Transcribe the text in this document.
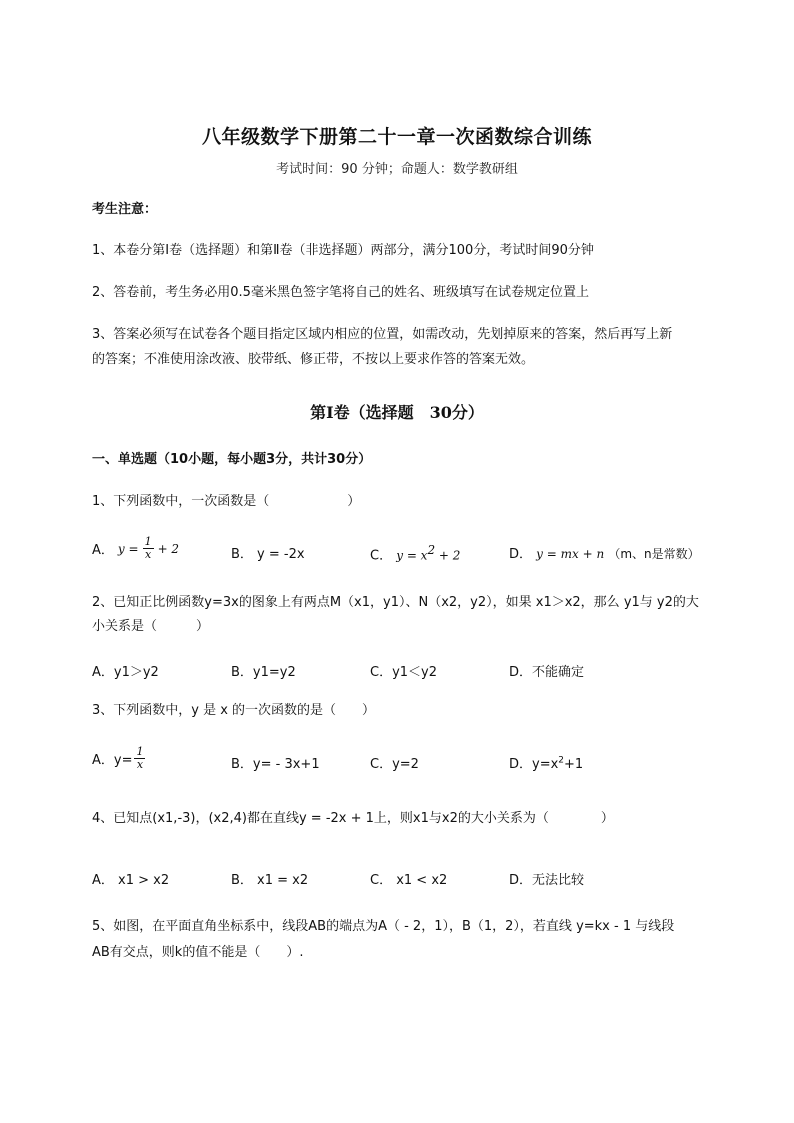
八年级数学下册第二十一章一次函数综合训练
考试时间：90 分钟；命题人：数学教研组
考生注意：
1、本卷分第Ⅰ卷（选择题）和第Ⅱ卷（非选择题）两部分，满分100分，考试时间90分钟
2、答卷前，考生务必用0.5毫米黑色签字笔将自己的姓名、班级填写在试卷规定位置上
3、答案必须写在试卷各个题目指定区域内相应的位置，如需改动，先划掉原来的答案，然后再写上新
的答案；不准使用涂改液、胶带纸、修正带，不按以上要求作答的答案无效。
第Ⅰ卷（选择题　30分）
一、单选题（10小题，每小题3分，共计30分）
1、下列函数中，一次函数是（　　　　　　）
A． $y = \frac{1}{x} + 2$	B． y = -2x	C． $y = x^2 + 2$	D． y = mx + n （m、n是常数）
2、已知正比例函数y=3x的图象上有两点M（x1，y1）、N（x2，y2），如果 x1＞x2，那么 y1与 y2的大
小关系是（　　　）
A．y1＞y2	B．y1=y2	C．y1＜y2	D．不能确定
3、下列函数中，y 是 x 的一次函数的是（　　）
A．$y= \frac{1}{x}$	B．y= - 3x+1	C．y=2	D．$y=x^2+1$
4、已知点(x1,-3)，(x2,4)都在直线y = -2x + 1上，则x1与x2的大小关系为（　　　　）
A． x1 > x2	B． x1 = x2	C． x1 < x2	D．无法比较
5、如图，在平面直角坐标系中，线段AB的端点为A（ - 2，1），B（1，2），若直线 y=kx - 1 与线段
AB有交点，则k的值不能是（　　）.
